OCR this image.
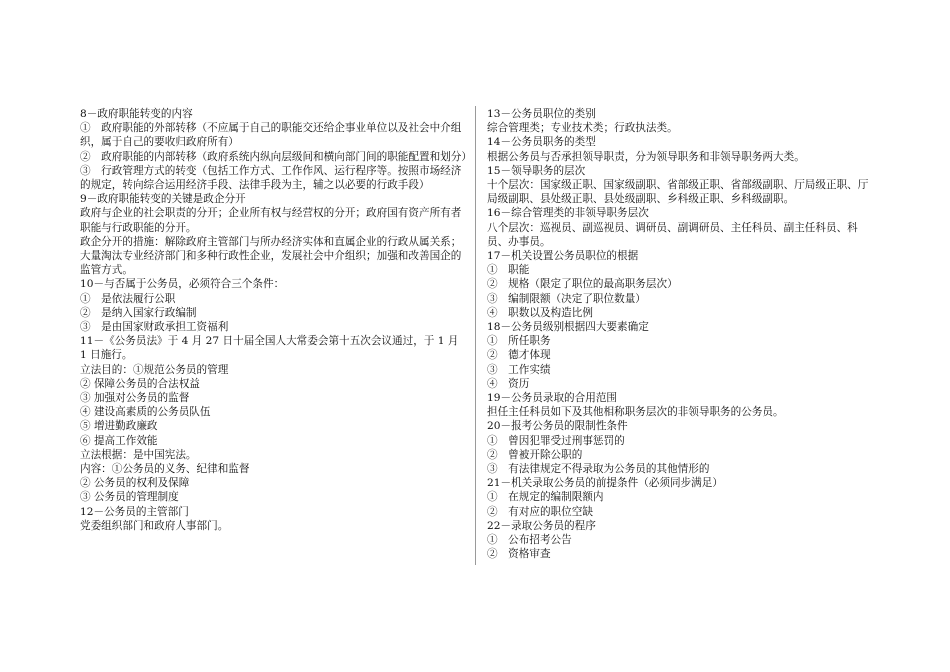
8－政府职能转变的内容

①　政府职能的外部转移（不应属于自己的职能交还给企事业单位以及社会中介组织，属于自己的要收归政府所有）

②　政府职能的内部转移（政府系统内纵向层级间和横向部门间的职能配置和划分）

③　行政管理方式的转变（包括工作方式、工作作风、运行程序等。按照市场经济的规定，转向综合运用经济手段、法律手段为主，辅之以必要的行政手段）

9－政府职能转变的关键是政企分开

政府与企业的社会职责的分开；企业所有权与经营权的分开；政府国有资产所有者职能与行政职能的分开。

政企分开的措施：解除政府主管部门与所办经济实体和直属企业的行政从属关系；大量淘汰专业经济部门和多种行政性企业，发展社会中介组织；加强和改善国企的监管方式。

10－与否属于公务员，必须符合三个条件：

①　是依法履行公职

②　是纳入国家行政编制

③　是由国家财政承担工资福利

11－《公务员法》于 4 月 27 日十届全国人大常委会第十五次会议通过，于 1 月 1 日施行。

立法目的：①规范公务员的管理

② 保障公务员的合法权益

③ 加强对公务员的监督

④ 建设高素质的公务员队伍

⑤ 增进勤政廉政

⑥ 提高工作效能

立法根据：是中国宪法。

内容：①公务员的义务、纪律和监督

② 公务员的权利及保障

③ 公务员的管理制度

12－公务员的主管部门

党委组织部门和政府人事部门。

13－公务员职位的类别

综合管理类；专业技术类；行政执法类。

14－公务员职务的类型

根据公务员与否承担领导职责，分为领导职务和非领导职务两大类。

15－领导职务的层次

十个层次：国家级正职、国家级副职、省部级正职、省部级副职、厅局级正职、厅局级副职、县处级正职、县处级副职、乡科级正职、乡科级副职。

16－综合管理类的非领导职务层次

八个层次：巡视员、副巡视员、调研员、副调研员、主任科员、副主任科员、科员、办事员。

17－机关设置公务员职位的根据

①　职能

②　规格（限定了职位的最高职务层次）

③　编制限额（决定了职位数量）

④　职数以及构造比例

18－公务员级别根据四大要素确定

①　所任职务

②　德才体现

③　工作实绩

④　资历

19－公务员录取的合用范围

担任主任科员如下及其他相称职务层次的非领导职务的公务员。

20－报考公务员的限制性条件

①　曾因犯罪受过刑事惩罚的

②　曾被开除公职的

③　有法律规定不得录取为公务员的其他情形的

21－机关录取公务员的前提条件（必须同步满足）

①　在规定的编制限额内

②　有对应的职位空缺

22－录取公务员的程序

①　公布招考公告

②　资格审查
